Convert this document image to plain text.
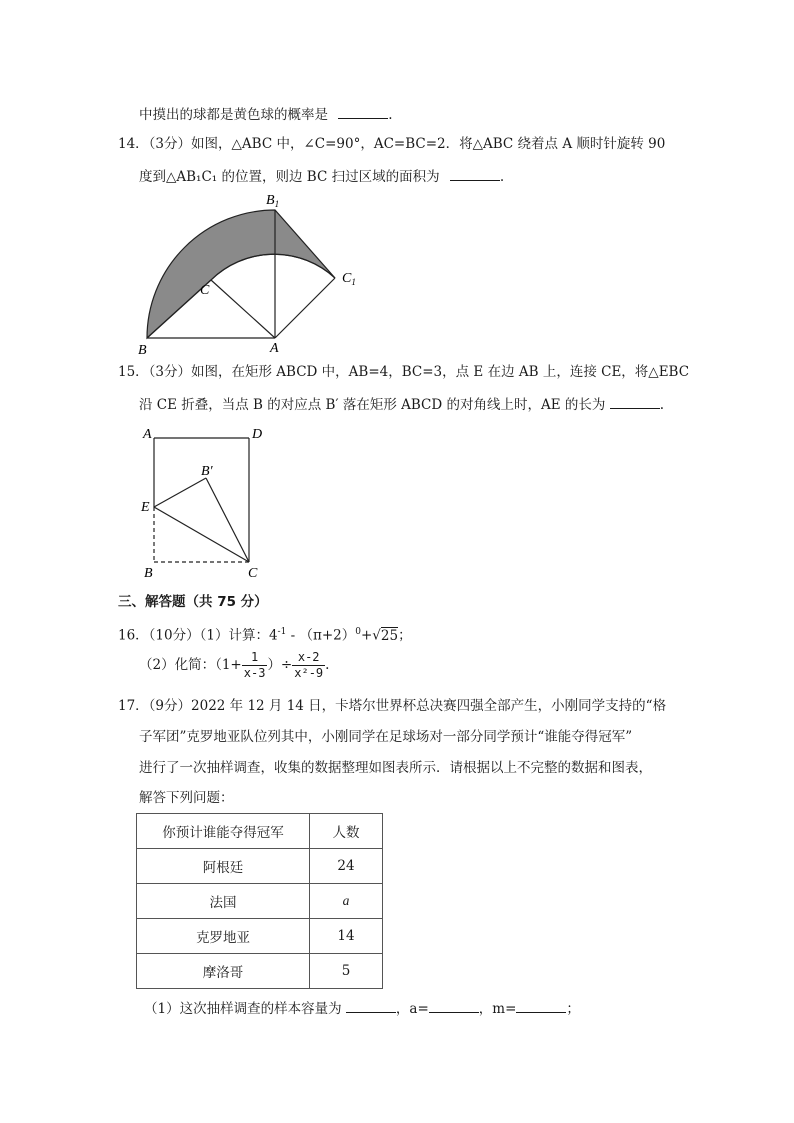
中摸出的球都是黄色球的概率是	.
14．（3分）如图，△ABC 中，∠C=90°，AC=BC=2．将△ABC 绕着点 A 顺时针旋转 90
度到△AB₁C₁ 的位置，则边 BC 扫过区域的面积为	.
$B_1$
$C_1$
C
B	A
15．（3分）如图，在矩形 ABCD 中，AB=4，BC=3，点 E 在边 AB 上，连接 CE，将△EBC
沿 CE 折叠，当点 B 的对应点 B′ 落在矩形 ABCD 的对角线上时，AE 的长为	.
A	D
B′
E
B	C
三、解答题（共 75 分）
16．（10分）（1）计算：$4^{-1} - (\pi+2)^0+√25$；
（2）化简：（$1+ \frac{1}{x-3}$ ）÷ $\frac{x-2}{\text{x²-9}}$ .
17．（9分）2022 年 12 月 14 日，卡塔尔世界杯总决赛四强全部产生，小刚同学支持的“格
子军团”克罗地亚队位列其中，小刚同学在足球场对一部分同学预计“谁能夺得冠军”
进行了一次抽样调查，收集的数据整理如图表所示．请根据以上不完整的数据和图表，
解答下列问题：
你预计谁能夺得冠军	人数
阿根廷	24
法国	a
克罗地亚	14
摩洛哥	5
（1）这次抽样调查的样本容量为	，a=	，m=	；
